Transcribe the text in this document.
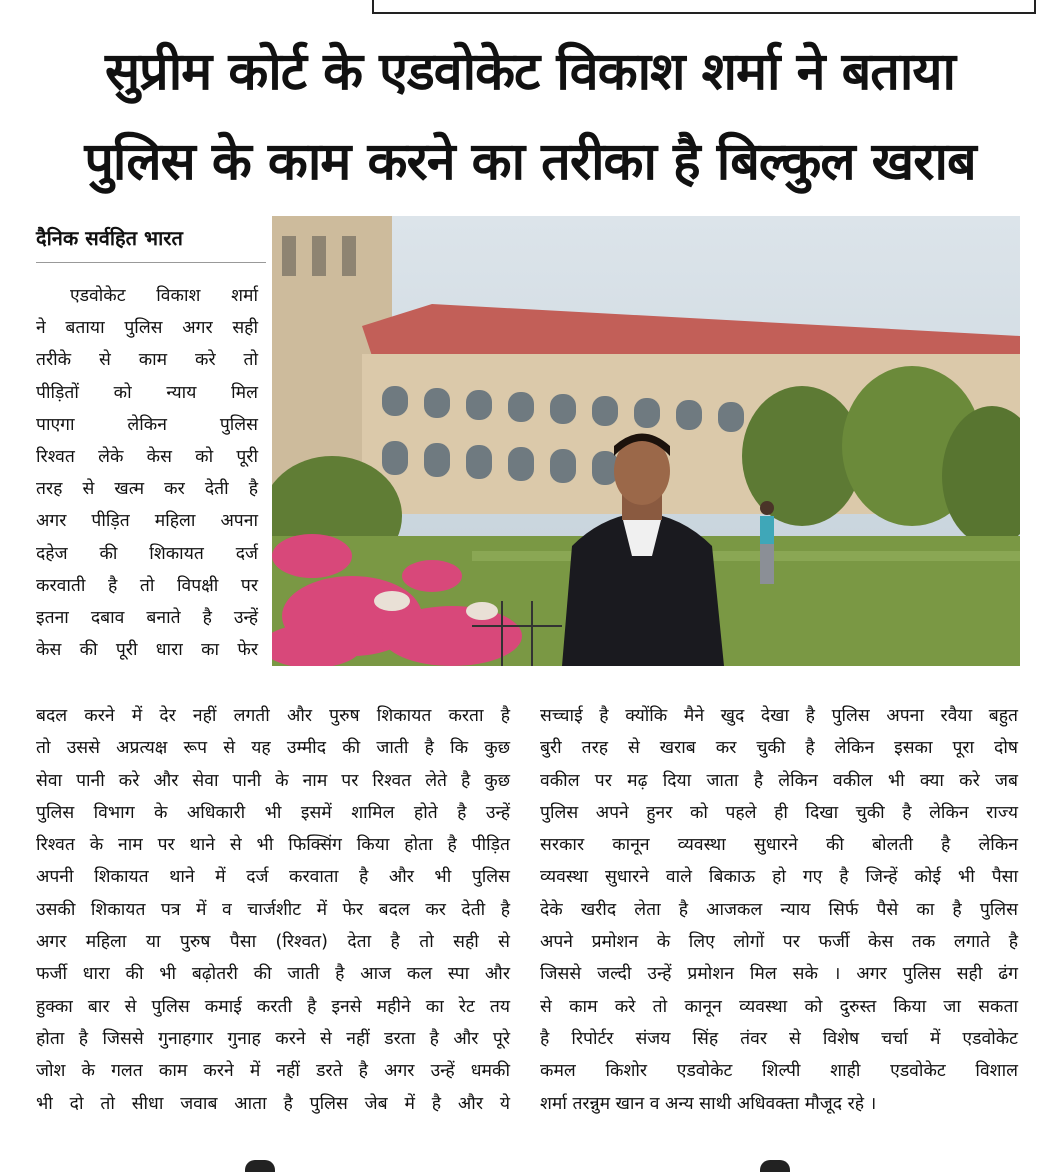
सुप्रीम कोर्ट के एडवोकेट विकाश शर्मा ने बताया
पुलिस के काम करने का तरीका है बिल्कुल खराब
दैनिक सर्वहित भारत
एडवोकेट विकाश शर्मा
ने बताया पुलिस अगर सही
तरीके से काम करे तो
पीड़ितों को न्याय मिल
पाएगा लेकिन पुलिस
रिश्वत लेके केस को पूरी
तरह से खत्म कर देती है
अगर पीड़ित महिला अपना
दहेज की शिकायत दर्ज
करवाती है तो विपक्षी पर
इतना दबाव बनाते है उन्हें
केस की पूरी धारा का फेर
बदल करने में देर नहीं लगती और पुरुष शिकायत करता है
तो उससे अप्रत्यक्ष रूप से यह उम्मीद की जाती है कि कुछ
सेवा पानी करे और सेवा पानी के नाम पर रिश्वत लेते है कुछ
पुलिस विभाग के अधिकारी भी इसमें शामिल होते है उन्हें
रिश्वत के नाम पर थाने से भी फिक्सिंग किया होता है पीड़ित
अपनी शिकायत थाने में दर्ज करवाता है और भी पुलिस
उसकी शिकायत पत्र में व चार्जशीट में फेर बदल कर देती है
अगर महिला या पुरुष पैसा (रिश्वत) देता है तो सही से
फर्जी धारा की भी बढ़ोतरी की जाती है आज कल स्पा और
हुक्का बार से पुलिस कमाई करती है इनसे महीने का रेट तय
होता है जिससे गुनाहगार गुनाह करने से नहीं डरता है और पूरे
जोश के गलत काम करने में नहीं डरते है अगर उन्हें धमकी
भी दो तो सीधा जवाब आता है पुलिस जेब में है और ये
सच्चाई है क्योंकि मैने खुद देखा है पुलिस अपना रवैया बहुत
बुरी तरह से खराब कर चुकी है लेकिन इसका पूरा दोष
वकील पर मढ़ दिया जाता है लेकिन वकील भी क्या करे जब
पुलिस अपने हुनर को पहले ही दिखा चुकी है लेकिन राज्य
सरकार कानून व्यवस्था सुधारने की बोलती है लेकिन
व्यवस्था सुधारने वाले बिकाऊ हो गए है जिन्हें कोई भी पैसा
देके खरीद लेता है आजकल न्याय सिर्फ पैसे का है पुलिस
अपने प्रमोशन के लिए लोगों पर फर्जी केस तक लगाते है
जिससे जल्दी उन्हें प्रमोशन मिल सके । अगर पुलिस सही ढंग
से काम करे तो कानून व्यवस्था को दुरुस्त किया जा सकता
है रिपोर्टर संजय सिंह तंवर से विशेष चर्चा में एडवोकेट
कमल किशोर एडवोकेट शिल्पी शाही एडवोकेट विशाल
शर्मा तरन्नुम खान व अन्य साथी अधिवक्ता मौजूद रहे ।
